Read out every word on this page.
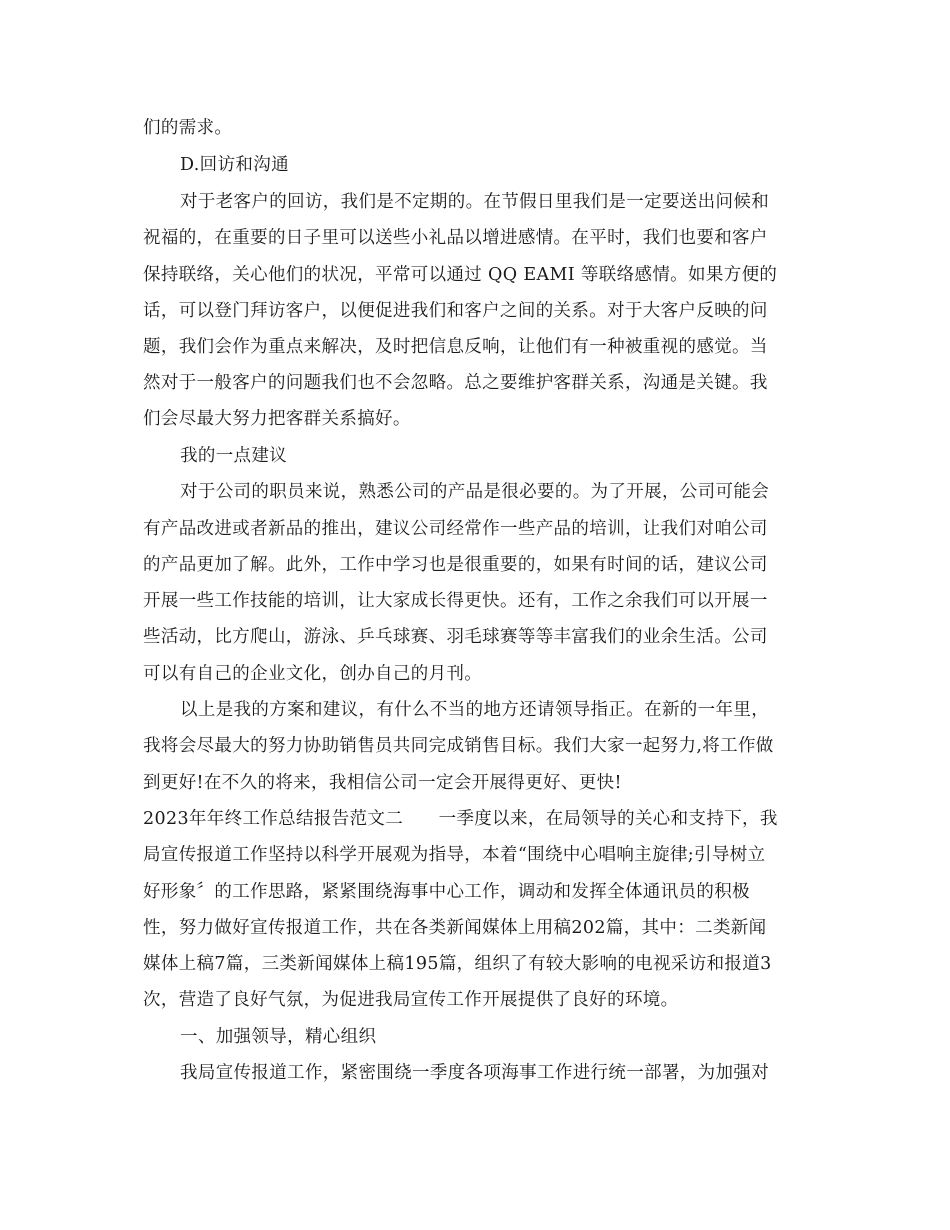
们的需求。
D.回访和沟通
对于老客户的回访，我们是不定期的。在节假日里我们是一定要送出问候和
祝福的，在重要的日子里可以送些小礼品以增进感情。在平时，我们也要和客户
保持联络，关心他们的状况，平常可以通过 QQ EAMI 等联络感情。如果方便的
话，可以登门拜访客户，以便促进我们和客户之间的关系。对于大客户反映的问
题，我们会作为重点来解决，及时把信息反响，让他们有一种被重视的感觉。当
然对于一般客户的问题我们也不会忽略。总之要维护客群关系，沟通是关键。我
们会尽最大努力把客群关系搞好。
我的一点建议
对于公司的职员来说，熟悉公司的产品是很必要的。为了开展，公司可能会
有产品改进或者新品的推出，建议公司经常作一些产品的培训，让我们对咱公司
的产品更加了解。此外，工作中学习也是很重要的，如果有时间的话，建议公司
开展一些工作技能的培训，让大家成长得更快。还有，工作之余我们可以开展一
些活动，比方爬山，游泳、乒乓球赛、羽毛球赛等等丰富我们的业余生活。公司
可以有自己的企业文化，创办自己的月刊。
以上是我的方案和建议，有什么不当的地方还请领导指正。在新的一年里，
我将会尽最大的努力协助销售员共同完成销售目标。我们大家一起努力,将工作做
到更好!在不久的将来，我相信公司一定会开展得更好、更快!
2023年年终工作总结报告范文二      一季度以来，在局领导的关心和支持下，我
局宣传报道工作坚持以科学开展观为指导，本着“围绕中心唱响主旋律;引导树立
好形象〞的工作思路，紧紧围绕海事中心工作，调动和发挥全体通讯员的积极
性，努力做好宣传报道工作，共在各类新闻媒体上用稿202篇，其中：二类新闻
媒体上稿7篇，三类新闻媒体上稿195篇，组织了有较大影响的电视采访和报道3
次，营造了良好气氛，为促进我局宣传工作开展提供了良好的环境。
一、加强领导，精心组织
我局宣传报道工作，紧密围绕一季度各项海事工作进行统一部署，为加强对
